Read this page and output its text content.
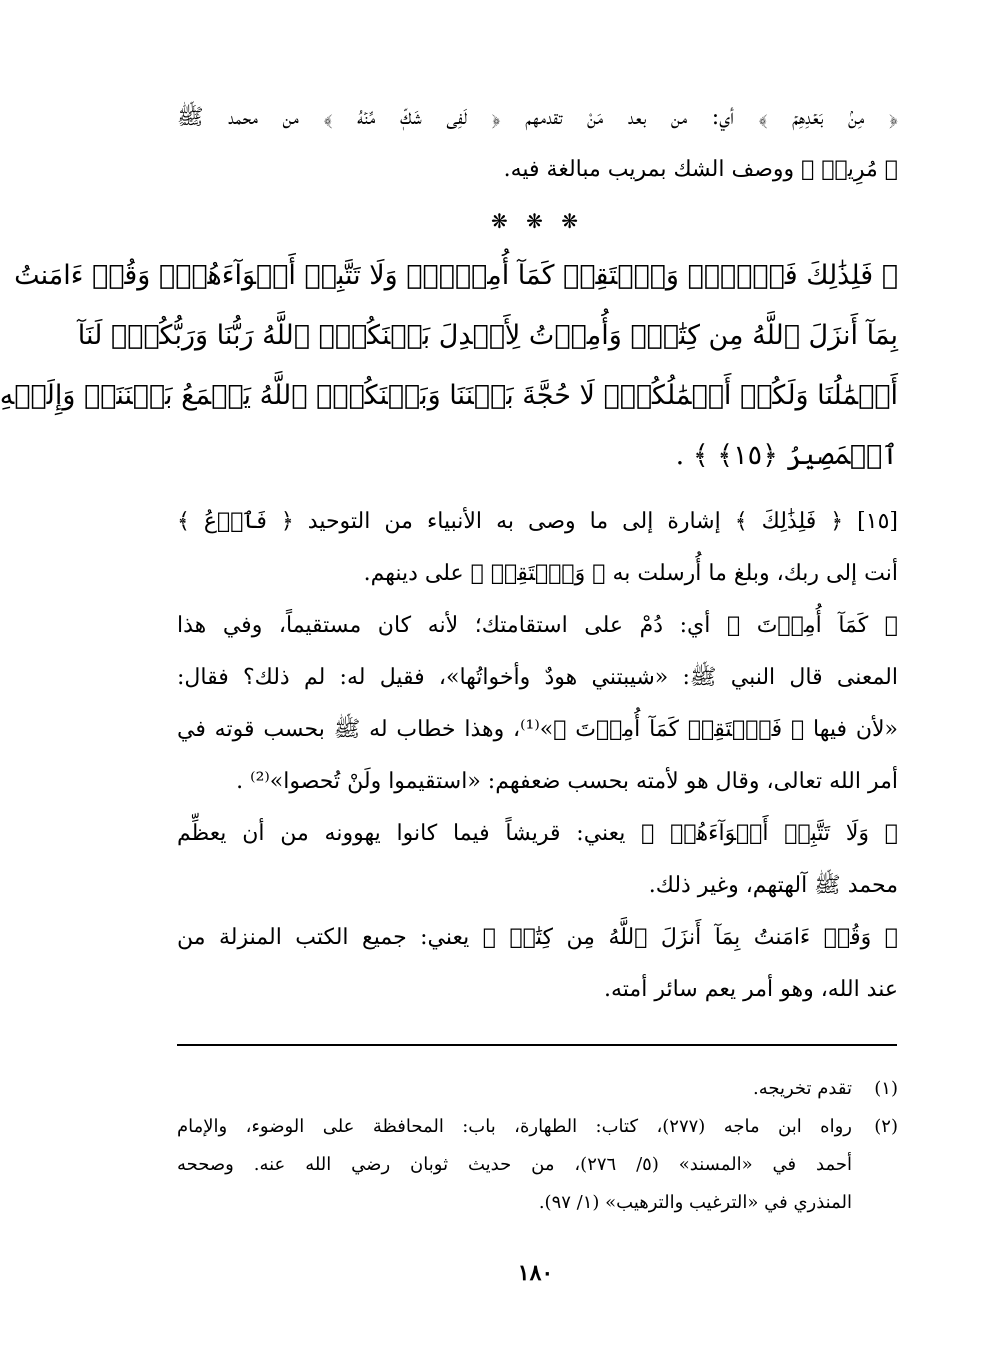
﴿ مِنۢ بَعۡدِهِمۡ ﴾ أي: من بعد مَنْ تقدمهم ﴿ لَفِى شَكّٖ مِّنۡهُ ﴾ من محمد ﷺ
﴿ مُرِيبٖ ﴾ ووصف الشك بمريب مبالغة فيه.
❋ ❋ ❋
﴿ فَلِذَٰلِكَ فَٱدۡعُۖ وَٱسۡتَقِمۡ كَمَآ أُمِرۡتَۖ وَلَا تَتَّبِعۡ أَهۡوَآءَهُمۡۖ وَقُلۡ ءَامَنتُ
بِمَآ أَنزَلَ ٱللَّهُ مِن كِتَٰبٖۖ وَأُمِرۡتُ لِأَعۡدِلَ بَيۡنَكُمُۖ ٱللَّهُ رَبُّنَا وَرَبُّكُمۡۖ لَنَآ
أَعۡمَٰلُنَا وَلَكُمۡ أَعۡمَٰلُكُمۡۖ لَا حُجَّةَ بَيۡنَنَا وَبَيۡنَكُمُۖ ٱللَّهُ يَجۡمَعُ بَيۡنَنَاۖ وَإِلَيۡهِ
ٱلۡمَصِيرُ ﴿١٥﴾ ﴾ .
[١٥] ﴿ فَلِذَٰلِكَ ﴾ إشارة إلى ما وصى به الأنبياء من التوحيد ﴿ فَٱدۡعُ ﴾
أنت إلى ربك، وبلغ ما أُرسلت به ﴿ وَٱسۡتَقِمۡ ﴾ على دينهم.
﴿ كَمَآ أُمِرۡتَ ﴾ أي: دُمْ على استقامتك؛ لأنه كان مستقيماً، وفي هذا
المعنى قال النبي ﷺ: «شيبتني هودٌ وأخواتُها»، فقيل له: لم ذلك؟ فقال:
«لأن فيها ﴿ فَٱسۡتَقِمۡ كَمَآ أُمِرۡتَ ﴾»⁽¹⁾، وهذا خطاب له ﷺ بحسب قوته في
أمر الله تعالى، وقال هو لأمته بحسب ضعفهم: «استقيموا ولَنْ تُحصوا»⁽²⁾ .
﴿ وَلَا تَتَّبِعۡ أَهۡوَآءَهُمۡ ﴾ يعني: قريشاً فيما كانوا يهوونه من أن يعظِّم
محمد ﷺ آلهتهم، وغير ذلك.
﴿ وَقُلۡ ءَامَنتُ بِمَآ أَنزَلَ ٱللَّهُ مِن كِتَٰبٖ ﴾ يعني: جميع الكتب المنزلة من
عند الله، وهو أمر يعم سائر أمته.
(١)
تقدم تخريجه.
(٢)
رواه ابن ماجه (٢٧٧)، كتاب: الطهارة، باب: المحافظة على الوضوء، والإمام
أحمد في «المسند» (٥/ ٢٧٦)، من حديث ثوبان رضي الله عنه. وصححه
المنذري في «الترغيب والترهيب» (١/ ٩٧).
١٨٠
